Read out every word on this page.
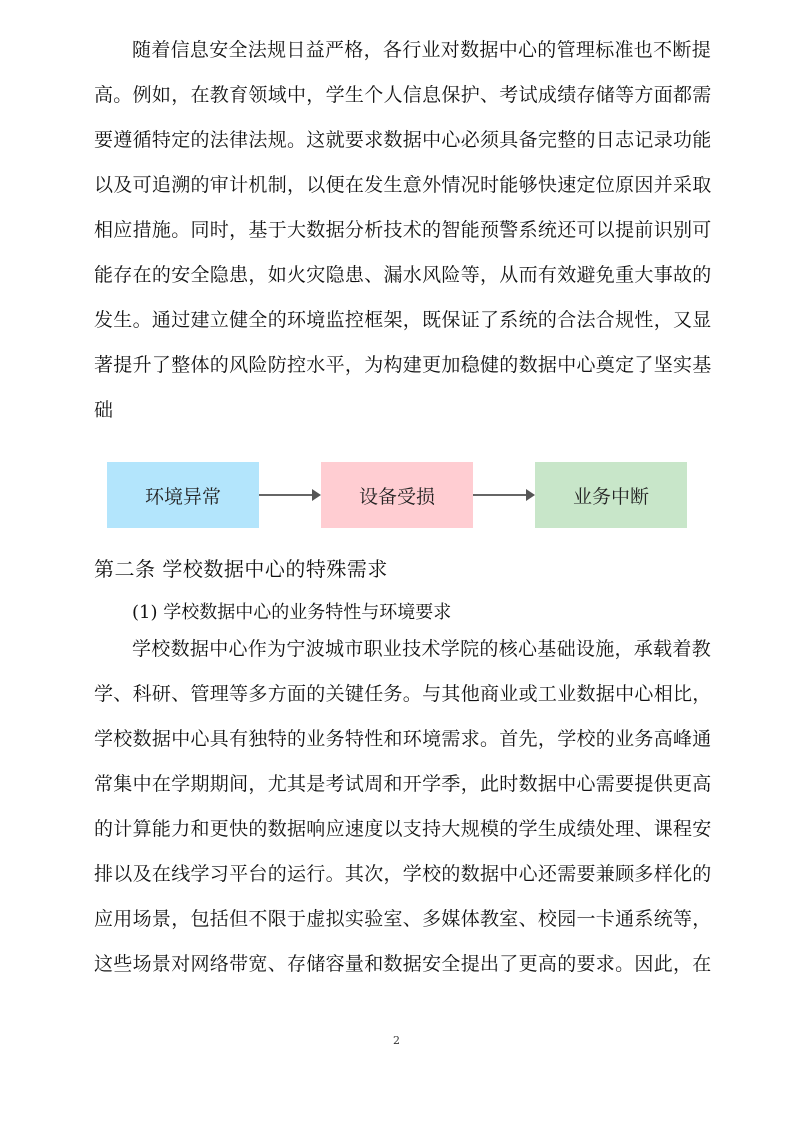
随着信息安全法规日益严格，各行业对数据中心的管理标准也不断提
高。例如，在教育领域中，学生个人信息保护、考试成绩存储等方面都需
要遵循特定的法律法规。这就要求数据中心必须具备完整的日志记录功能
以及可追溯的审计机制，以便在发生意外情况时能够快速定位原因并采取
相应措施。同时，基于大数据分析技术的智能预警系统还可以提前识别可
能存在的安全隐患，如火灾隐患、漏水风险等，从而有效避免重大事故的
发生。通过建立健全的环境监控框架，既保证了系统的合法合规性，又显
著提升了整体的风险防控水平，为构建更加稳健的数据中心奠定了坚实基
础
环境异常	设备受损	业务中断
第二条 学校数据中心的特殊需求
(1) 学校数据中心的业务特性与环境要求
学校数据中心作为宁波城市职业技术学院的核心基础设施，承载着教
学、科研、管理等多方面的关键任务。与其他商业或工业数据中心相比，
学校数据中心具有独特的业务特性和环境需求。首先，学校的业务高峰通
常集中在学期期间，尤其是考试周和开学季，此时数据中心需要提供更高
的计算能力和更快的数据响应速度以支持大规模的学生成绩处理、课程安
排以及在线学习平台的运行。其次，学校的数据中心还需要兼顾多样化的
应用场景，包括但不限于虚拟实验室、多媒体教室、校园一卡通系统等，
这些场景对网络带宽、存储容量和数据安全提出了更高的要求。因此，在
2
